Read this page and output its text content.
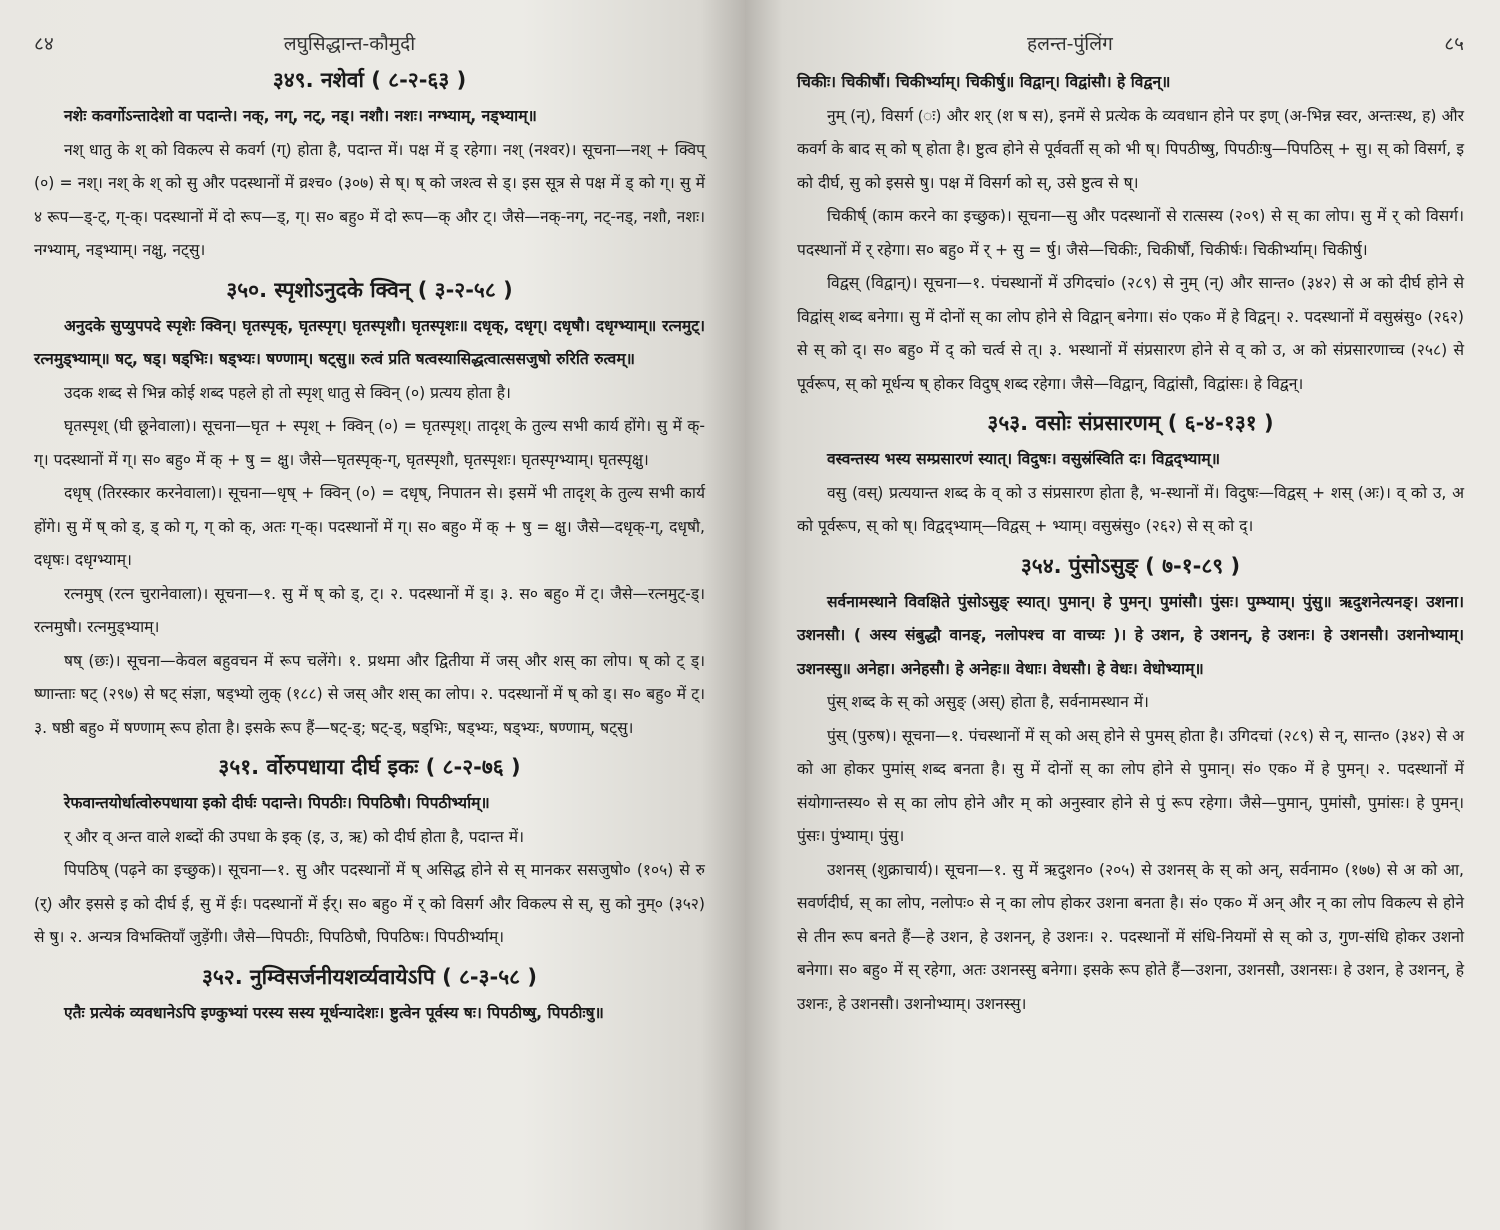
८४	लघुसिद्धान्त-कौमुदी
३४९. नशेर्वा ( ८-२-६३ )

नशेः कवर्गोऽन्तादेशो वा पदान्ते। नक्, नग्, नट्, नड्। नशौ। नशः। नग्भ्याम्, नड्भ्याम्॥

नश् धातु के श् को विकल्प से कवर्ग (ग्) होता है, पदान्त में। पक्ष में ड् रहेगा। नश् (नश्वर)। सूचना—नश् + क्विप् (०) = नश्। नश् के श् को सु और पदस्थानों में व्रश्च० (३०७) से ष्। ष् को जश्त्व से ड्। इस सूत्र से पक्ष में ड् को ग्। सु में ४ रूप—ड्-ट्, ग्-क्। पदस्थानों में दो रूप—ड्, ग्। स० बहु० में दो रूप—क् और ट्। जैसे—नक्-नग्, नट्-नड्, नशौ, नशः। नग्भ्याम्, नड्भ्याम्। नक्षु, नट्सु।

३५०. स्पृशोऽनुदके क्विन् ( ३-२-५८ )

अनुदके सुप्युपपदे स्पृशेः क्विन्। घृतस्पृक्, घृतस्पृग्। घृतस्पृशौ। घृतस्पृशः॥ दधृक्, दधृग्। दधृषौ। दधृग्भ्याम्॥ रत्नमुट्। रत्नमुड्भ्याम्॥ षट्, षड्। षड्भिः। षड्भ्यः। षण्णाम्। षट्सु॥ रुत्वं प्रति षत्वस्यासिद्धत्वात्ससजुषो रुरिति रुत्वम्॥

उदक शब्द से भिन्न कोई शब्द पहले हो तो स्पृश् धातु से क्विन् (०) प्रत्यय होता है।

घृतस्पृश् (घी छूनेवाला)। सूचना—घृत + स्पृश् + क्विन् (०) = घृतस्पृश्। तादृश् के तुल्य सभी कार्य होंगे। सु में क्-ग्। पदस्थानों में ग्। स० बहु० में क् + षु = क्षु। जैसे—घृतस्पृक्-ग्, घृतस्पृशौ, घृतस्पृशः। घृतस्पृग्भ्याम्। घृतस्पृक्षु।

दधृष् (तिरस्कार करनेवाला)। सूचना—धृष् + क्विन् (०) = दधृष्, निपातन से। इसमें भी तादृश् के तुल्य सभी कार्य होंगे। सु में ष् को ड्, ड् को ग्, ग् को क्, अतः ग्-क्। पदस्थानों में ग्। स० बहु० में क् + षु = क्षु। जैसे—दधृक्-ग्, दधृषौ, दधृषः। दधृग्भ्याम्।

रत्नमुष् (रत्न चुरानेवाला)। सूचना—१. सु में ष् को ड्, ट्। २. पदस्थानों में ड्। ३. स० बहु० में ट्। जैसे—रत्नमुट्-ड्। रत्नमुषौ। रत्नमुड्भ्याम्।

षष् (छः)। सूचना—केवल बहुवचन में रूप चलेंगे। १. प्रथमा और द्वितीया में जस् और शस् का लोप। ष् को ट् ड्। ष्णान्ताः षट् (२९७) से षट् संज्ञा, षड्भ्यो लुक् (१८८) से जस् और शस् का लोप। २. पदस्थानों में ष् को ड्। स० बहु० में ट्। ३. षष्ठी बहु० में षण्णाम् रूप होता है। इसके रूप हैं—षट्-ड्; षट्-ड्, षड्भिः, षड्भ्यः, षड्भ्यः, षण्णाम्, षट्सु।

३५१. र्वोरुपधाया दीर्घ इकः ( ८-२-७६ )

रेफवान्तयोर्धात्वोरुपधाया इको दीर्घः पदान्ते। पिपठीः। पिपठिषौ। पिपठीर्भ्याम्॥

र् और व् अन्त वाले शब्दों की उपधा के इक् (इ, उ, ऋ) को दीर्घ होता है, पदान्त में।

पिपठिष् (पढ़ने का इच्छुक)। सूचना—१. सु और पदस्थानों में ष् असिद्ध होने से स् मानकर ससजुषो० (१०५) से रु (र्) और इससे इ को दीर्घ ई, सु में ईः। पदस्थानों में ईर्। स० बहु० में र् को विसर्ग और विकल्प से स्, सु को नुम्० (३५२) से षु। २. अन्यत्र विभक्तियाँ जुड़ेंगी। जैसे—पिपठीः, पिपठिषौ, पिपठिषः। पिपठीर्भ्याम्।

३५२. नुम्विसर्जनीयशर्व्यवायेऽपि ( ८-३-५८ )

एतैः प्रत्येकं व्यवधानेऽपि इण्कुभ्यां परस्य सस्य मूर्धन्यादेशः। ष्टुत्वेन पूर्वस्य षः। पिपठीष्षु, पिपठीःषु॥

हलन्त-पुंलिंग	८५

चिकीः। चिकीर्षौ। चिकीर्भ्याम्। चिकीर्षु॥ विद्वान्। विद्वांसौ। हे विद्वन्॥

नुम् (न्), विसर्ग (ः) और शर् (श ष स), इनमें से प्रत्येक के व्यवधान होने पर इण् (अ-भिन्न स्वर, अन्तःस्थ, ह) और कवर्ग के बाद स् को ष् होता है। ष्टुत्व होने से पूर्ववर्ती स् को भी ष्। पिपठीष्षु, पिपठीःषु—पिपठिस् + सु। स् को विसर्ग, इ को दीर्घ, सु को इससे षु। पक्ष में विसर्ग को स्, उसे ष्टुत्व से ष्।

चिकीर्ष् (काम करने का इच्छुक)। सूचना—सु और पदस्थानों से रात्सस्य (२०९) से स् का लोप। सु में र् को विसर्ग। पदस्थानों में र् रहेगा। स० बहु० में र् + सु = र्षु। जैसे—चिकीः, चिकीर्षौ, चिकीर्षः। चिकीर्भ्याम्। चिकीर्षु।

विद्वस् (विद्वान्)। सूचना—१. पंचस्थानों में उगिदचां० (२८९) से नुम् (न्) और सान्त० (३४२) से अ को दीर्घ होने से विद्वांस् शब्द बनेगा। सु में दोनों स् का लोप होने से विद्वान् बनेगा। सं० एक० में हे विद्वन्। २. पदस्थानों में वसुस्रंसु० (२६२) से स् को द्। स० बहु० में द् को चर्त्व से त्। ३. भस्थानों में संप्रसारण होने से व् को उ, अ को संप्रसारणाच्च (२५८) से पूर्वरूप, स् को मूर्धन्य ष् होकर विदुष् शब्द रहेगा। जैसे—विद्वान्, विद्वांसौ, विद्वांसः। हे विद्वन्।

३५३. वसोः संप्रसारणम् ( ६-४-१३१ )

वस्वन्तस्य भस्य सम्प्रसारणं स्यात्। विदुषः। वसुस्रंस्विति दः। विद्वद्भ्याम्॥

वसु (वस्) प्रत्ययान्त शब्द के व् को उ संप्रसारण होता है, भ-स्थानों में। विदुषः—विद्वस् + शस् (अः)। व् को उ, अ को पूर्वरूप, स् को ष्। विद्वद्भ्याम्—विद्वस् + भ्याम्। वसुस्रंसु० (२६२) से स् को द्।

३५४. पुंसोऽसुङ् ( ७-१-८९ )

सर्वनामस्थाने विवक्षिते पुंसोऽसुङ् स्यात्। पुमान्। हे पुमन्। पुमांसौ। पुंसः। पुम्भ्याम्। पुंसु॥ ऋदुशनेत्यनङ्। उशना। उशनसौ। ( अस्य संबुद्धौ वानङ्, नलोपश्च वा वाच्यः )। हे उशन, हे उशनन्, हे उशनः। हे उशनसौ। उशनोभ्याम्। उशनस्सु॥ अनेहा। अनेहसौ। हे अनेहः॥ वेधाः। वेधसौ। हे वेधः। वेधोभ्याम्॥

पुंस् शब्द के स् को असुङ् (अस्) होता है, सर्वनामस्थान में।

पुंस् (पुरुष)। सूचना—१. पंचस्थानों में स् को अस् होने से पुमस् होता है। उगिदचां (२८९) से न्, सान्त० (३४२) से अ को आ होकर पुमांस् शब्द बनता है। सु में दोनों स् का लोप होने से पुमान्। सं० एक० में हे पुमन्। २. पदस्थानों में संयोगान्तस्य० से स् का लोप होने और म् को अनुस्वार होने से पुं रूप रहेगा। जैसे—पुमान्, पुमांसौ, पुमांसः। हे पुमन्। पुंसः। पुंभ्याम्। पुंसु।

उशनस् (शुक्राचार्य)। सूचना—१. सु में ऋदुशन० (२०५) से उशनस् के स् को अन्, सर्वनाम० (१७७) से अ को आ, सवर्णदीर्घ, स् का लोप, नलोपः० से न् का लोप होकर उशना बनता है। सं० एक० में अन् और न् का लोप विकल्प से होने से तीन रूप बनते हैं—हे उशन, हे उशनन्, हे उशनः। २. पदस्थानों में संधि-नियमों से स् को उ, गुण-संधि होकर उशनो बनेगा। स० बहु० में स् रहेगा, अतः उशनस्सु बनेगा। इसके रूप होते हैं—उशना, उशनसौ, उशनसः। हे उशन, हे उशनन्, हे उशनः, हे उशनसौ। उशनोभ्याम्। उशनस्सु।
